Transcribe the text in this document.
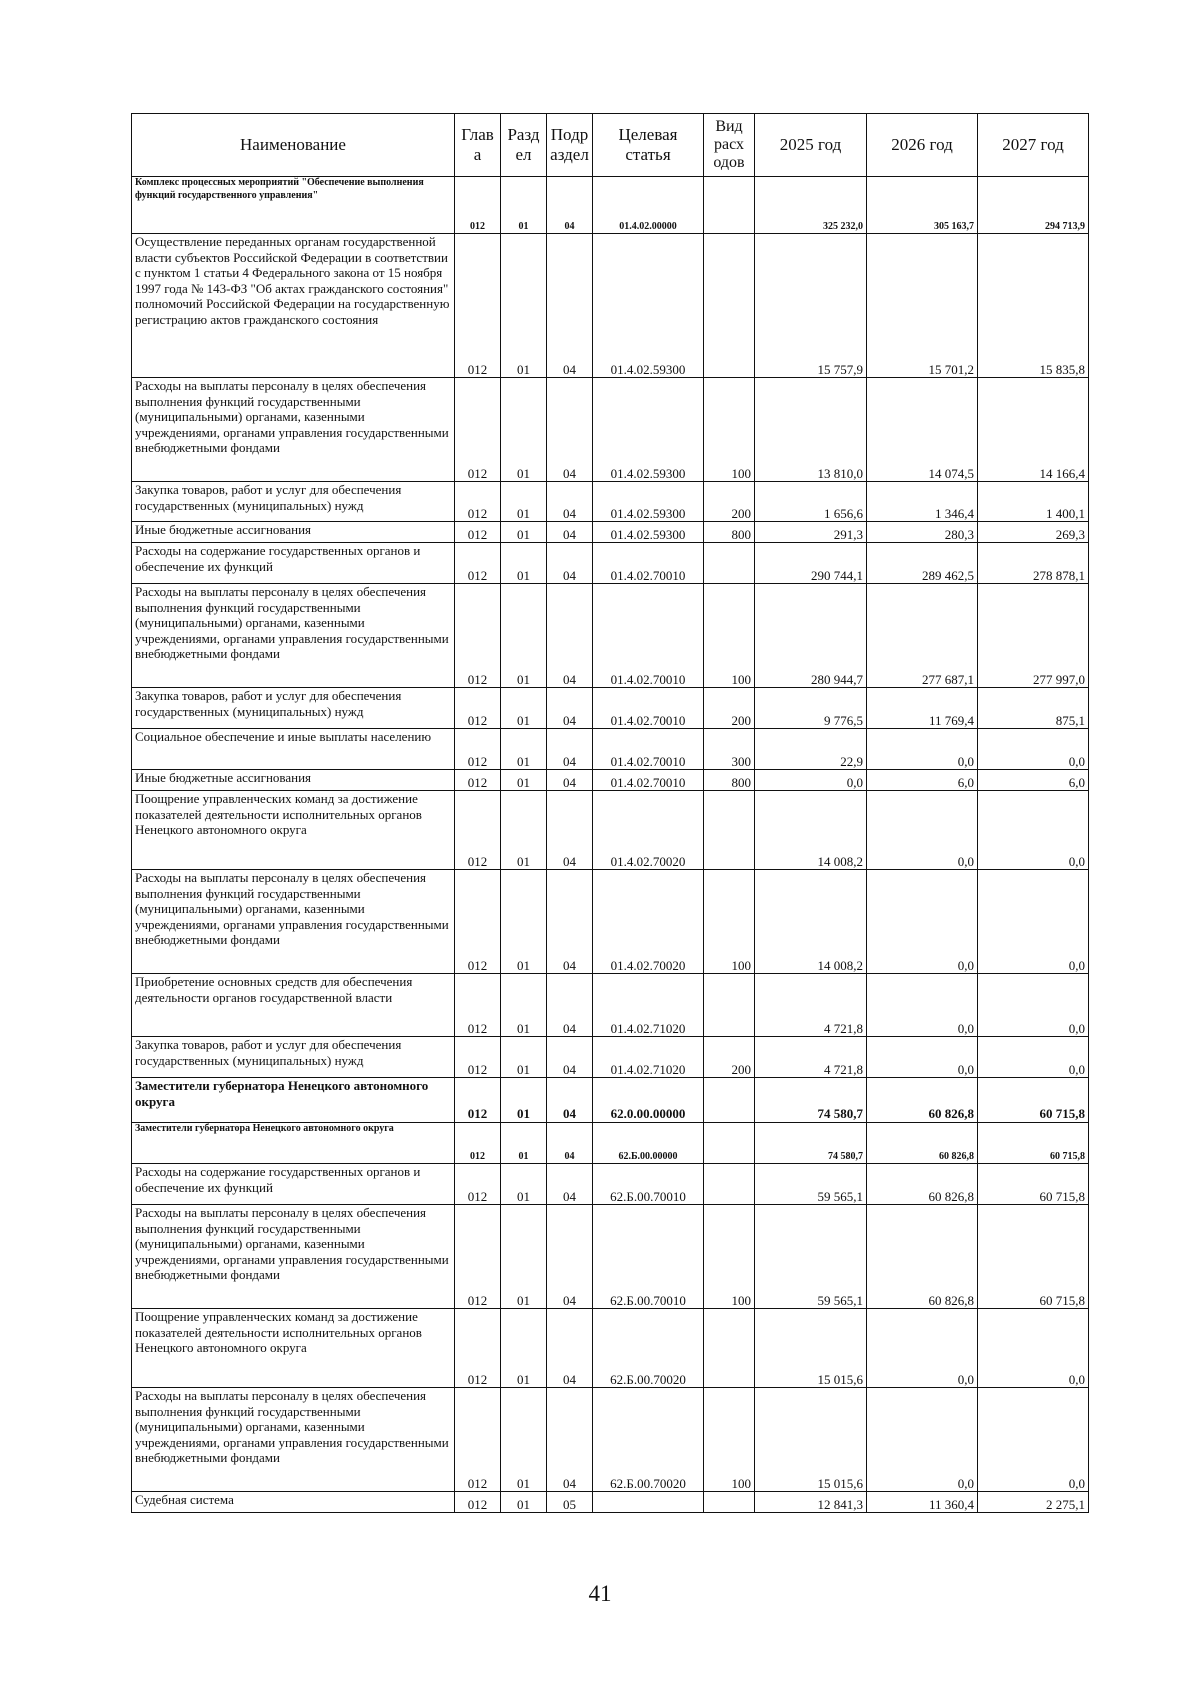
Наименование	Глав а	Разд ел	Подр аздел	Целевая статья	Вид расх одов	2025 год	2026 год	2027 год
Комплекс процессных мероприятий "Обеспечение выполнения функций государственного управления"	012	01	04	01.4.02.00000		325 232,0	305 163,7	294 713,9
Осуществление переданных органам государственной власти субъектов Российской Федерации в соответствии с пунктом 1 статьи 4 Федерального закона от 15 ноября 1997 года № 143-ФЗ "Об актах гражданского состояния" полномочий Российской Федерации на государственную регистрацию актов гражданского состояния	012	01	04	01.4.02.59300		15 757,9	15 701,2	15 835,8
Расходы на выплаты персоналу в целях обеспечения выполнения функций государственными (муниципальными) органами, казенными учреждениями, органами управления государственными внебюджетными фондами	012	01	04	01.4.02.59300	100	13 810,0	14 074,5	14 166,4
Закупка товаров, работ и услуг для обеспечения государственных (муниципальных) нужд	012	01	04	01.4.02.59300	200	1 656,6	1 346,4	1 400,1
Иные бюджетные ассигнования	012	01	04	01.4.02.59300	800	291,3	280,3	269,3
Расходы на содержание государственных органов и обеспечение их функций	012	01	04	01.4.02.70010		290 744,1	289 462,5	278 878,1
Расходы на выплаты персоналу в целях обеспечения выполнения функций государственными (муниципальными) органами, казенными учреждениями, органами управления государственными внебюджетными фондами	012	01	04	01.4.02.70010	100	280 944,7	277 687,1	277 997,0
Закупка товаров, работ и услуг для обеспечения государственных (муниципальных) нужд	012	01	04	01.4.02.70010	200	9 776,5	11 769,4	875,1
Социальное обеспечение и иные выплаты населению	012	01	04	01.4.02.70010	300	22,9	0,0	0,0
Иные бюджетные ассигнования	012	01	04	01.4.02.70010	800	0,0	6,0	6,0
Поощрение управленческих команд за достижение показателей деятельности исполнительных органов Ненецкого автономного округа	012	01	04	01.4.02.70020		14 008,2	0,0	0,0
Расходы на выплаты персоналу в целях обеспечения выполнения функций государственными (муниципальными) органами, казенными учреждениями, органами управления государственными внебюджетными фондами	012	01	04	01.4.02.70020	100	14 008,2	0,0	0,0
Приобретение основных средств для обеспечения деятельности органов государственной власти	012	01	04	01.4.02.71020		4 721,8	0,0	0,0
Закупка товаров, работ и услуг для обеспечения государственных (муниципальных) нужд	012	01	04	01.4.02.71020	200	4 721,8	0,0	0,0
Заместители губернатора Ненецкого автономного округа	012	01	04	62.0.00.00000		74 580,7	60 826,8	60 715,8
Заместители губернатора Ненецкого автономного округа	012	01	04	62.Б.00.00000		74 580,7	60 826,8	60 715,8
Расходы на содержание государственных органов и обеспечение их функций	012	01	04	62.Б.00.70010		59 565,1	60 826,8	60 715,8
Расходы на выплаты персоналу в целях обеспечения выполнения функций государственными (муниципальными) органами, казенными учреждениями, органами управления государственными внебюджетными фондами	012	01	04	62.Б.00.70010	100	59 565,1	60 826,8	60 715,8
Поощрение управленческих команд за достижение показателей деятельности исполнительных органов Ненецкого автономного округа	012	01	04	62.Б.00.70020		15 015,6	0,0	0,0
Расходы на выплаты персоналу в целях обеспечения выполнения функций государственными (муниципальными) органами, казенными учреждениями, органами управления государственными внебюджетными фондами	012	01	04	62.Б.00.70020	100	15 015,6	0,0	0,0
Судебная система	012	01	05			12 841,3	11 360,4	2 275,1
41
